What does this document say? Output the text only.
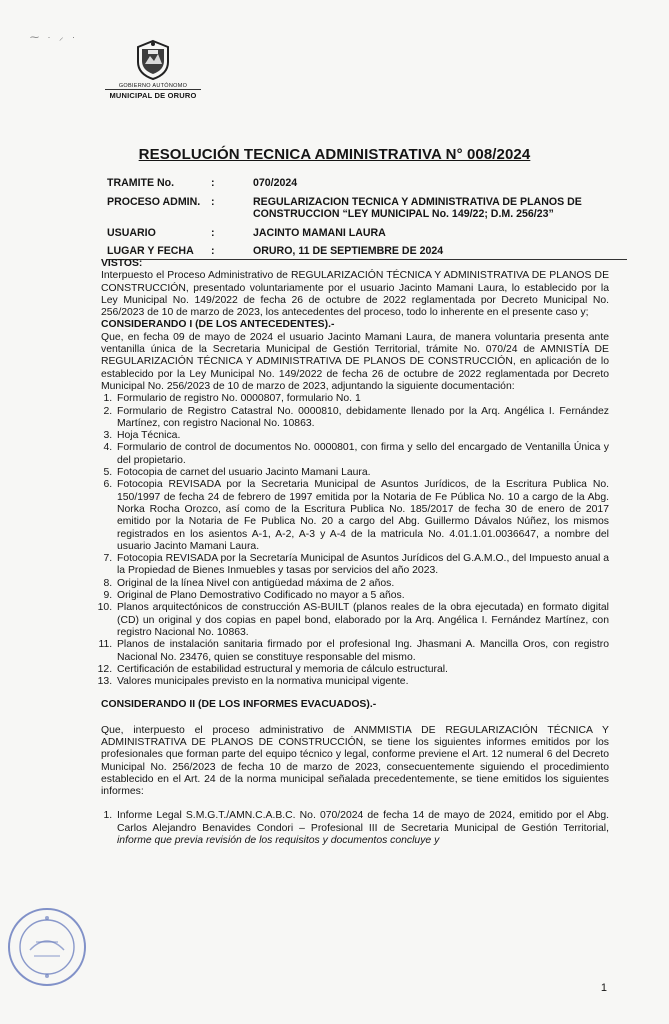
⁓ · ⸝ ·
GOBIERNO AUTÓNOMO
MUNICIPAL DE ORURO
RESOLUCIÓN TECNICA ADMINISTRATIVA N° 008/2024
TRAMITE No.	:	070/2024
PROCESO ADMIN.	:	REGULARIZACION TECNICA Y ADMINISTRATIVA DE PLANOS DE CONSTRUCCION “LEY MUNICIPAL No. 149/22; D.M. 256/23”
USUARIO	:	JACINTO MAMANI LAURA
LUGAR Y FECHA	:	ORURO, 11 DE SEPTIEMBRE DE 2024

VISTOS:

Interpuesto el Proceso Administrativo de REGULARIZACIÓN TÉCNICA Y ADMINISTRATIVA DE PLANOS DE CONSTRUCCIÓN, presentado voluntariamente por el usuario Jacinto Mamani Laura, lo establecido por la Ley Municipal No. 149/2022 de fecha 26 de octubre de 2022 reglamentada por Decreto Municipal No. 256/2023 de 10 de marzo de 2023, los antecedentes del proceso, todo lo inherente en el presente caso y;

CONSIDERANDO I (DE LOS ANTECEDENTES).-

Que, en fecha 09 de mayo de 2024 el usuario Jacinto Mamani Laura, de manera voluntaria presenta ante ventanilla única de la Secretaria Municipal de Gestión Territorial, trámite No. 070/24 de AMNISTÍA DE REGULARIZACIÓN TÉCNICA Y ADMINISTRATIVA DE PLANOS DE CONSTRUCCIÓN, en aplicación de lo establecido por la Ley Municipal No. 149/2022 de fecha 26 de octubre de 2022 reglamentada por Decreto Municipal No. 256/2023 de 10 de marzo de 2023, adjuntando la siguiente documentación:

1. Formulario de registro No. 0000807, formulario No. 1
2. Formulario de Registro Catastral No. 0000810, debidamente llenado por la Arq. Angélica I. Fernández Martínez, con registro Nacional No. 10863.
3. Hoja Técnica.
4. Formulario de control de documentos No. 0000801, con firma y sello del encargado de Ventanilla Única y del propietario.
5. Fotocopia de carnet del usuario Jacinto Mamani Laura.
6. Fotocopia REVISADA por la Secretaria Municipal de Asuntos Jurídicos, de la Escritura Publica No. 150/1997 de fecha 24 de febrero de 1997 emitida por la Notaria de Fe Pública No. 10 a cargo de la Abg. Norka Rocha Orozco, así como de la Escritura Publica No. 185/2017 de fecha 30 de enero de 2017 emitido por la Notaria de Fe Publica No. 20 a cargo del Abg. Guillermo Dávalos Núñez, los mismos registrados en los asientos A-1, A-2, A-3 y A-4 de la matricula No. 4.01.1.01.0036647, a nombre del usuario Jacinto Mamani Laura.
7. Fotocopia REVISADA por la Secretaría Municipal de Asuntos Jurídicos del G.A.M.O., del Impuesto anual a la Propiedad de Bienes Inmuebles y tasas por servicios del año 2023.
8. Original de la línea Nivel con antigüedad máxima de 2 años.
9. Original de Plano Demostrativo Codificado no mayor a 5 años.
10. Planos arquitectónicos de construcción AS-BUILT (planos reales de la obra ejecutada) en formato digital (CD) un original y dos copias en papel bond, elaborado por la Arq. Angélica I. Fernández Martínez, con registro Nacional No. 10863.
11. Planos de instalación sanitaria firmado por el profesional Ing. Jhasmani A. Mancilla Oros, con registro Nacional No. 23476, quien se constituye responsable del mismo.
12. Certificación de estabilidad estructural y memoria de cálculo estructural.
13. Valores municipales previsto en la normativa municipal vigente.

CONSIDERANDO II (DE LOS INFORMES EVACUADOS).-

Que, interpuesto el proceso administrativo de ANMMISTIA DE REGULARIZACIÓN TÉCNICA Y ADMINISTRATIVA DE PLANOS DE CONSTRUCCIÓN, se tiene los siguientes informes emitidos por los profesionales que forman parte del equipo técnico y legal, conforme previene el Art. 12 numeral 6 del Decreto Municipal No. 256/2023 de fecha 10 de marzo de 2023, consecuentemente siguiendo el procedimiento establecido en el Art. 24 de la norma municipal señalada precedentemente, se tiene emitidos los siguientes informes:

1. Informe Legal S.M.G.T./AMN.C.A.B.C. No. 070/2024 de fecha 14 de mayo de 2024, emitido por el Abg. Carlos Alejandro Benavides Condori – Profesional III de Secretaria Municipal de Gestión Territorial, informe que previa revisión de los requisitos y documentos concluye y
1
